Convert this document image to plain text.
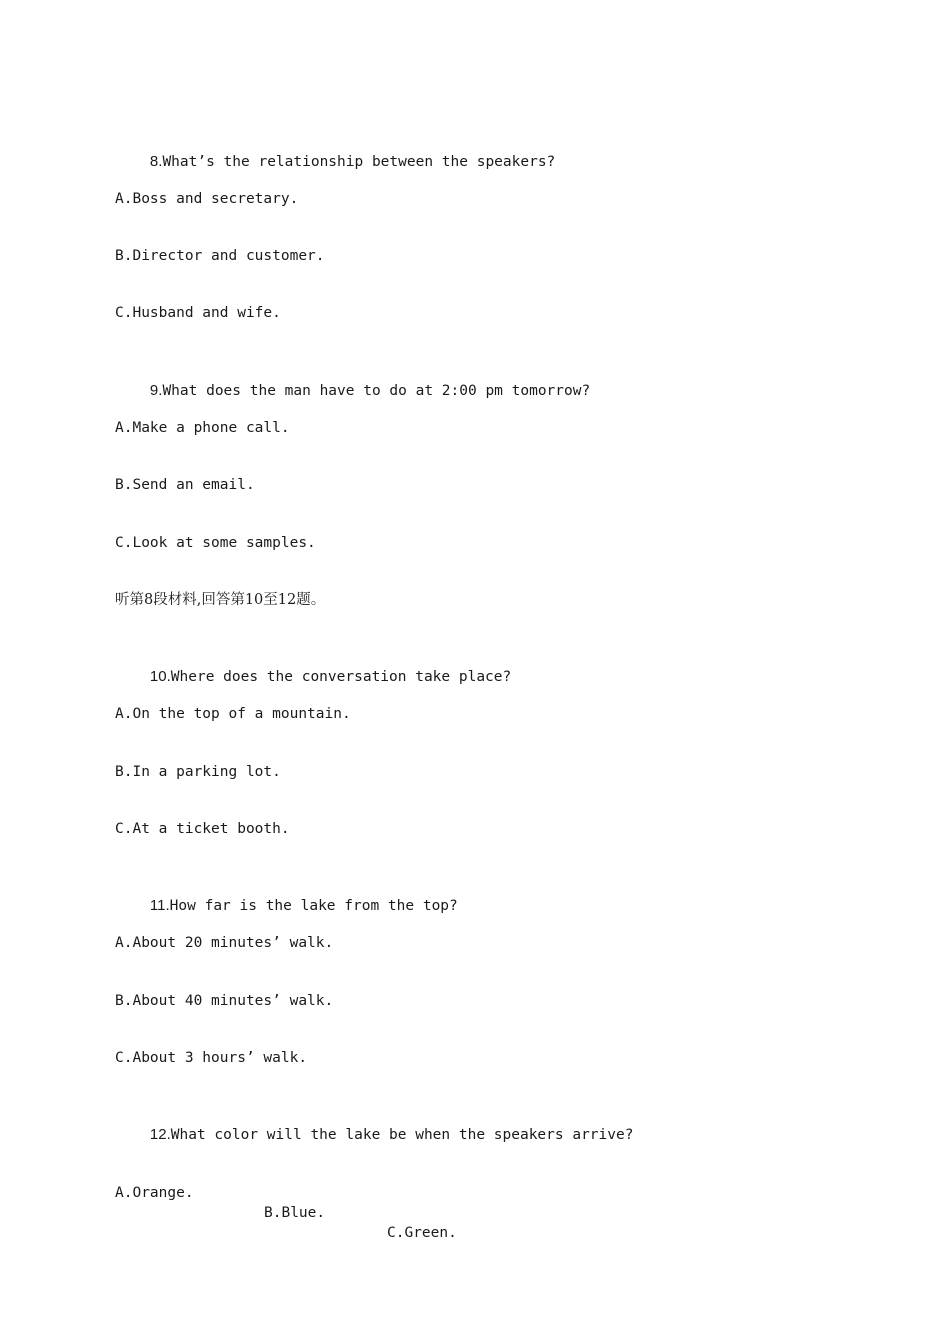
8.What’s the relationship between the speakers?

A.Boss and secretary.
B.Director and customer.
C.Husband and wife.

9.What does the man have to do at 2:00 pm tomorrow?

A.Make a phone call.
B.Send an email.
C.Look at some samples.
听第8段材料,回答第10至12题。

10.Where does the conversation take place?

A.On the top of a mountain.
B.In a parking lot.
C.At a ticket booth.

11.How far is the lake from the top?

A.About 20 minutes’ walk.
B.About 40 minutes’ walk.
C.About 3 hours’ walk.

12.What color will the lake be when the speakers arrive?

A.Orange.

B.Blue.

C.Green.
